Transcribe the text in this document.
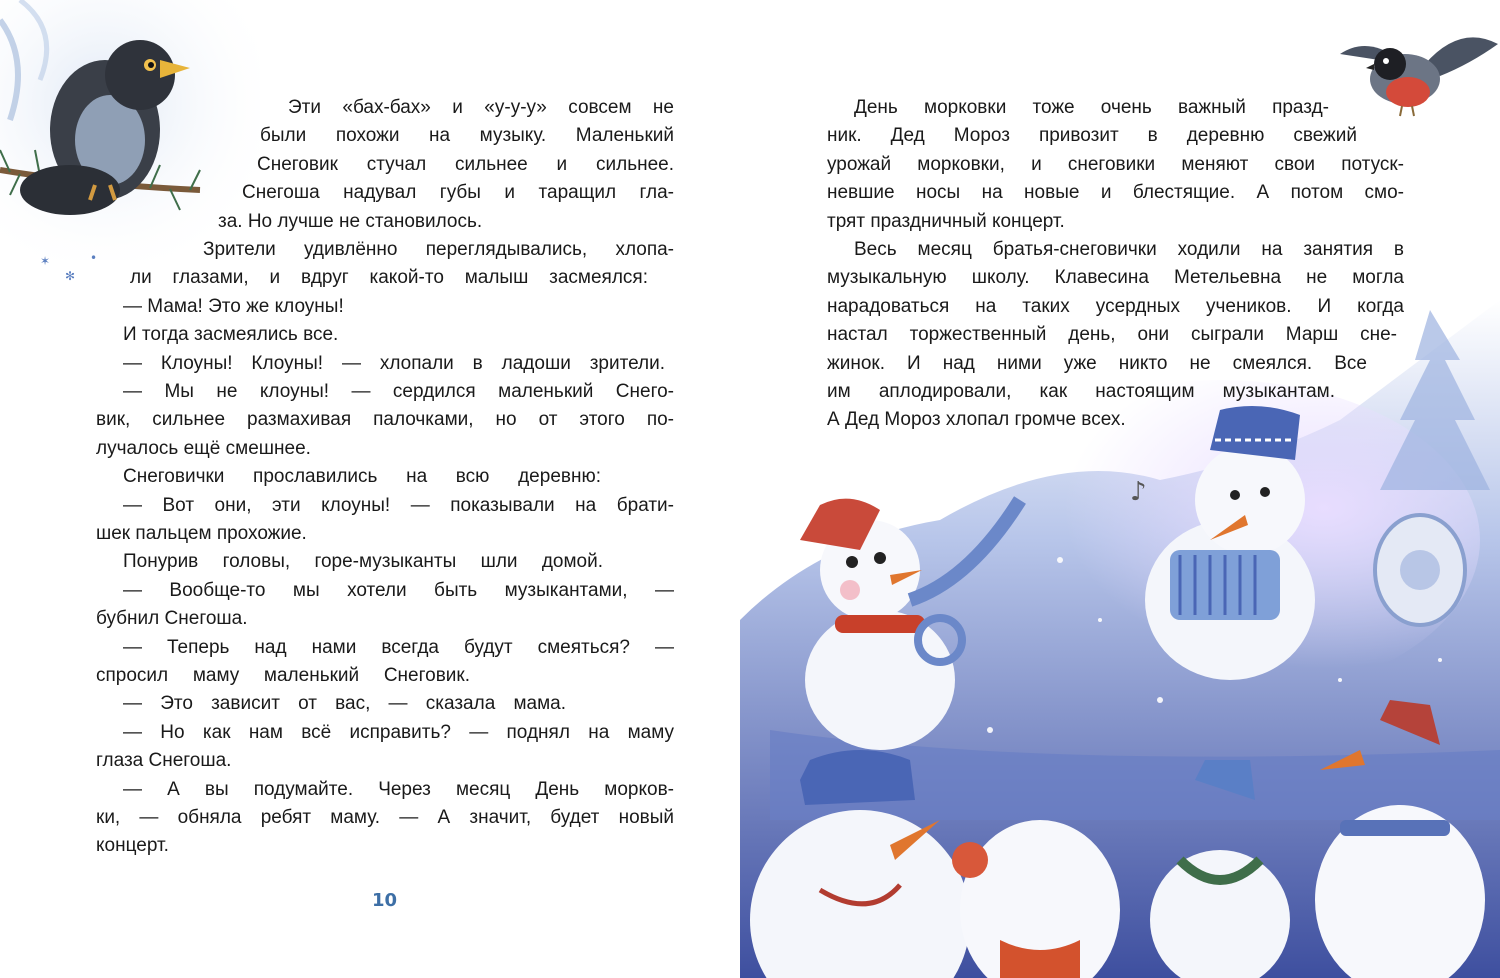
✶
✻
•
♪
Эти «бах-бах» и «у-у-у» совсем не
были похожи на музыку. Маленький
Снеговик стучал сильнее и сильнее.
Снегоша надувал губы и таращил гла-
за. Но лучше не становилось.
Зрители удивлённо переглядывались, хлопа-
ли глазами, и вдруг какой-то малыш засмеялся:
— Мама! Это же клоуны!
И тогда засмеялись все.
— Клоуны! Клоуны! — хлопали в ладоши зрители.
— Мы не клоуны! — сердился маленький Снего-
вик, сильнее размахивая палочками, но от этого по-
лучалось ещё смешнее.
Снеговички прославились на всю деревню:
— Вот они, эти клоуны! — показывали на брати-
шек пальцем прохожие.
Понурив головы, горе-музыканты шли домой.
— Вообще-то мы хотели быть музыкантами, —
бубнил Снегоша.
— Теперь над нами всегда будут смеяться? —
спросил маму маленький Снеговик.
— Это зависит от вас, — сказала мама.
— Но как нам всё исправить? — поднял на маму
глаза Снегоша.
— А вы подумайте. Через месяц День морков-
ки, — обняла ребят маму. — А значит, будет новый
концерт.
10
День морковки тоже очень важный празд-
ник. Дед Мороз привозит в деревню свежий
урожай морковки, и снеговики меняют свои потуск-
невшие носы на новые и блестящие. А потом смо-
трят праздничный концерт.
Весь месяц братья-снеговички ходили на занятия в
музыкальную школу. Клавесина Метельевна не могла
нарадоваться на таких усердных учеников. И когда
настал торжественный день, они сыграли Марш сне-
жинок. И над ними уже никто не смеялся. Все
им аплодировали, как настоящим музыкантам.
А Дед Мороз хлопал громче всех.
